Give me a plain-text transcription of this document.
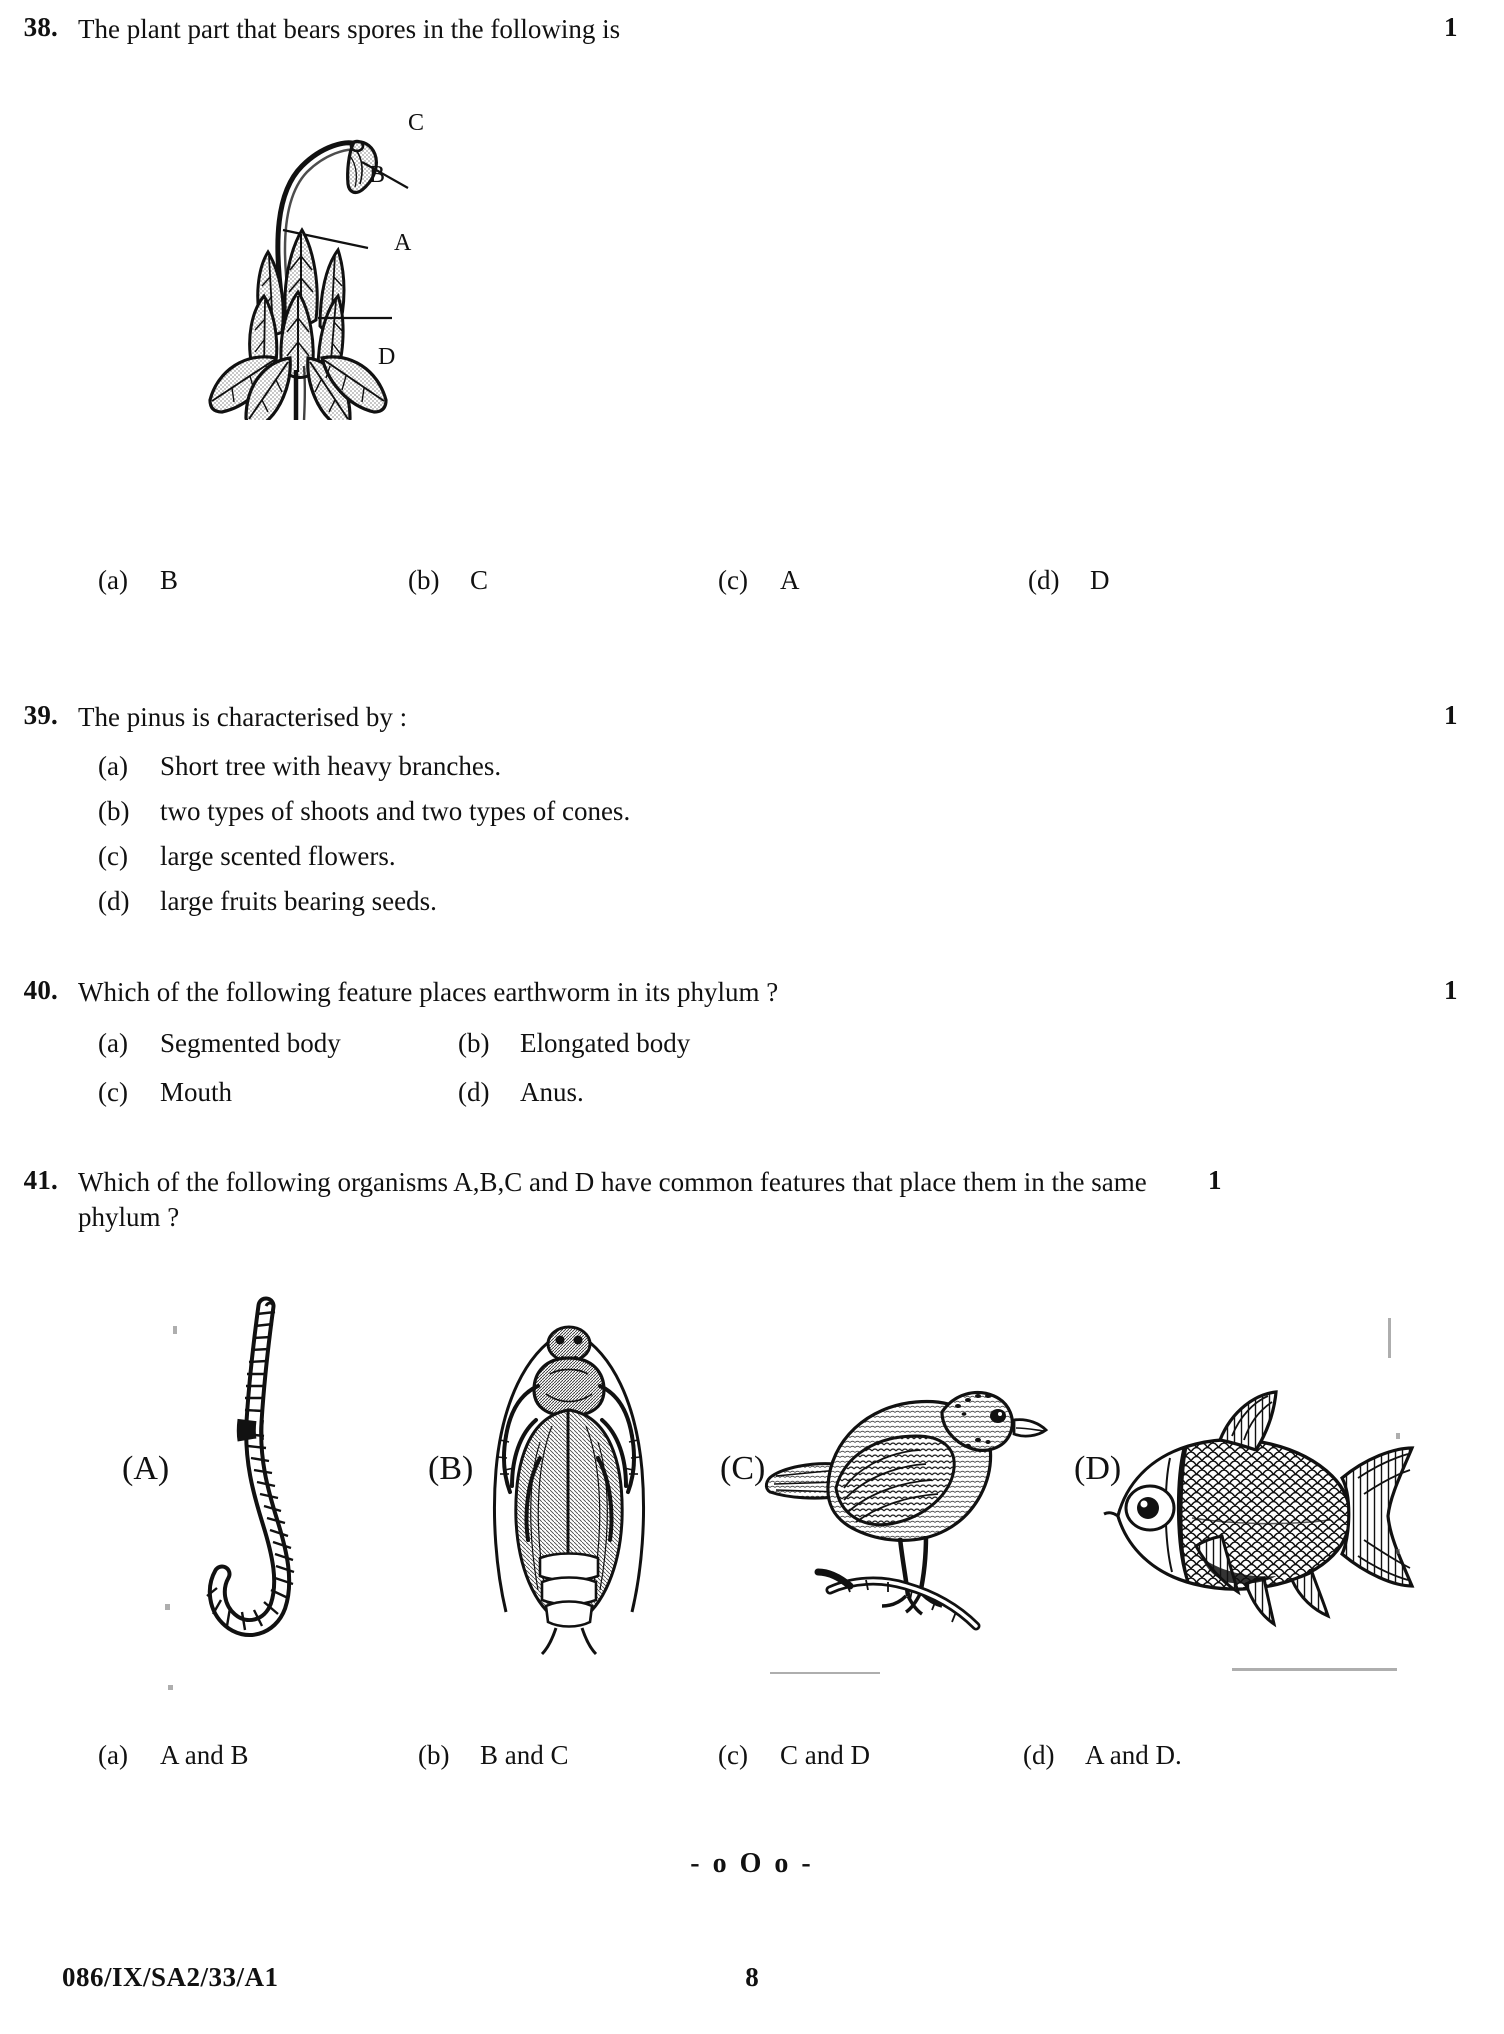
38. The plant part that bears spores in the following is	1
C
B
A
D
(a)	B	(b)	C	(c)	A	(d)	D
39. The pinus is characterised by :	1
(a)	Short tree with heavy branches.
(b)	two types of shoots and two types of cones.
(c)	large scented flowers.
(d)	large fruits bearing seeds.
40. Which of the following feature places earthworm in its phylum ?	1
(a)	Segmented body	(b)	Elongated body
(c)	Mouth	(d)	Anus.
41. Which of the following organisms A,B,C and D have common features that place them in the same phylum ?
1
(A)	(B)	(C)	(D)
(a)	A and B	(b)	B and C	(c)	C and D	(d)	A and D.
- o O o -
086/IX/SA2/33/A1	8
